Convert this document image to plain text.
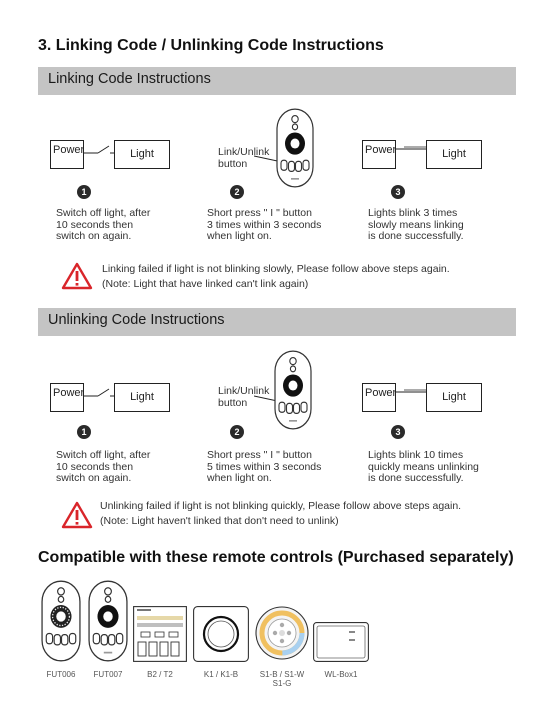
3. Linking Code / Unlinking Code Instructions
Linking Code Instructions
Power	Light	Link/Unlink
button
Power	Light
1	2	3

Switch off light, after
10 seconds then
switch on again.

Short press " I " button
3 times within 3 seconds
when light on.

Lights blink 3 times
slowly means linking
is done successfully.

Linking failed if light is not blinking slowly, Please follow above steps again.
(Note: Light that have linked can't link again)

Unlinking Code Instructions
Power	Light	Link/Unlink
button
Power	Light
1	2	3

Switch off light, after
10 seconds then
switch on again.

Short press " I " button
5 times within 3 seconds
when light on.

Lights blink 10 times
quickly means unlinking
is done successfully.

Unlinking failed if light is not blinking quickly, Please follow above steps again.
(Note: Light haven't linked that don't need to unlink)

Compatible with these remote controls (Purchased separately)
FUT006	FUT007	B2 / T2	K1 / K1-B	S1-B / S1-W
S1-G
WL-Box1
